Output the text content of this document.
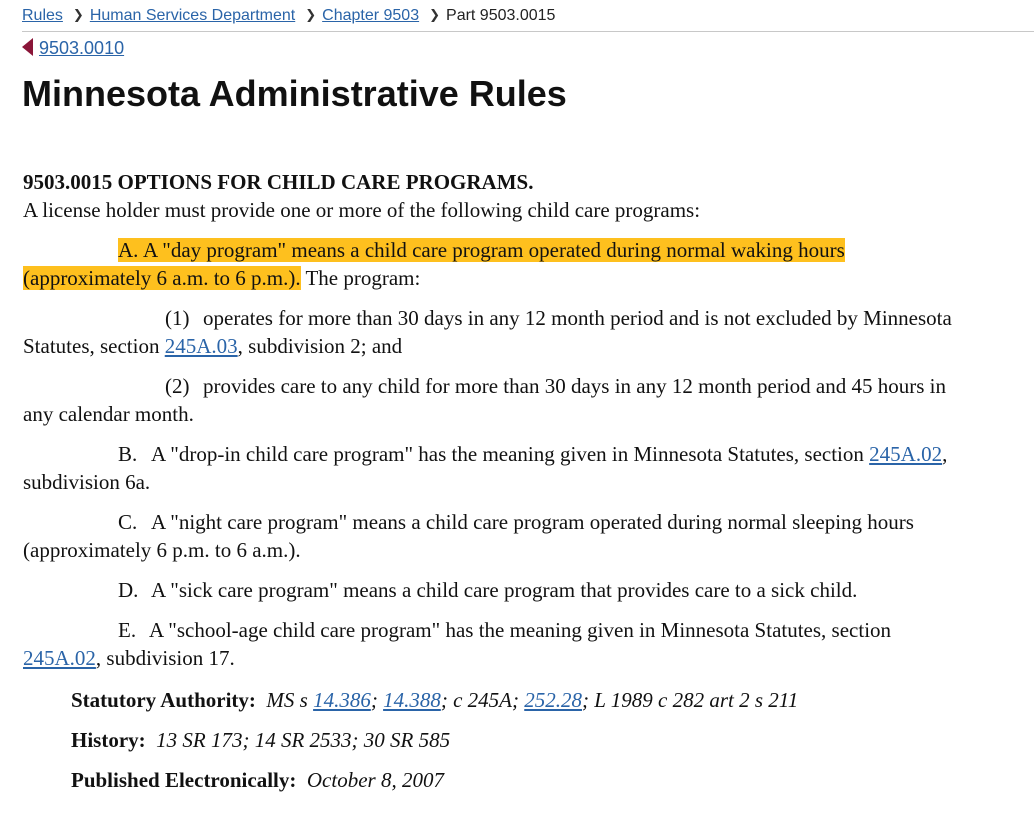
Rules ❯ Human Services Department ❯ Chapter 9503 ❯ Part 9503.0015
9503.0010
Minnesota Administrative Rules

9503.0015 OPTIONS FOR CHILD CARE PROGRAMS.

A license holder must provide one or more of the following child care programs:

A. A "day program" means a child care program operated during normal waking hours (approximately 6 a.m. to 6 p.m.). The program:

(1) operates for more than 30 days in any 12 month period and is not excluded by Minnesota Statutes, section 245A.03, subdivision 2; and

(2) provides care to any child for more than 30 days in any 12 month period and 45 hours in any calendar month.

B. A "drop-in child care program" has the meaning given in Minnesota Statutes, section 245A.02, subdivision 6a.

C. A "night care program" means a child care program operated during normal sleeping hours (approximately 6 p.m. to 6 a.m.).

D. A "sick care program" means a child care program that provides care to a sick child.

E. A "school-age child care program" has the meaning given in Minnesota Statutes, section 245A.02, subdivision 17.

Statutory Authority: MS s 14.386; 14.388; c 245A; 252.28; L 1989 c 282 art 2 s 211

History: 13 SR 173; 14 SR 2533; 30 SR 585

Published Electronically: October 8, 2007
